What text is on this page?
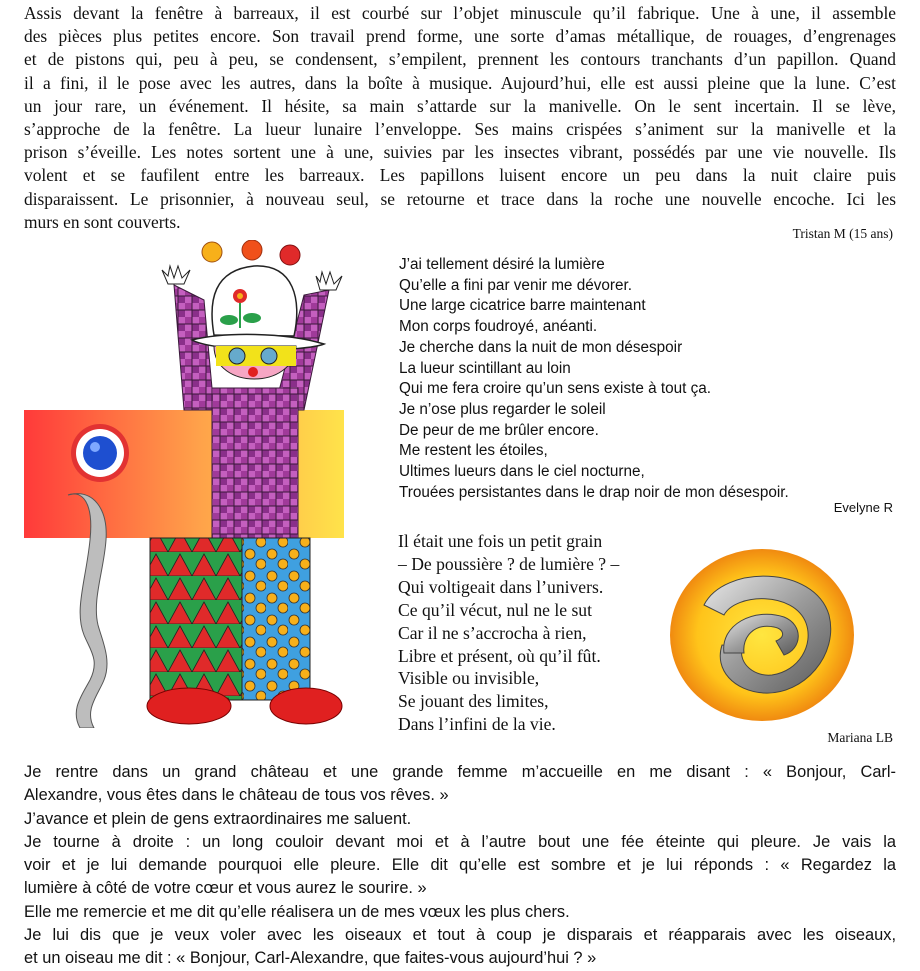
Assis devant la fenêtre à barreaux, il est courbé sur l’objet minuscule qu’il fabrique. Une à une, il assemble
des pièces plus petites encore. Son travail prend forme, une sorte d’amas métallique, de rouages, d’engrenages
et de pistons qui, peu à peu, se condensent, s’empilent, prennent les contours tranchants d’un papillon. Quand
il a fini, il le pose avec les autres, dans la boîte à musique. Aujourd’hui, elle est aussi pleine que la lune. C’est
un jour rare, un événement. Il hésite, sa main s’attarde sur la manivelle. On le sent incertain. Il se lève,
s’approche de la fenêtre. La lueur lunaire l’enveloppe. Ses mains crispées s’animent sur la manivelle et la
prison s’éveille. Les notes sortent une à une, suivies par les insectes vibrant, possédés par une vie nouvelle. Ils
volent et se faufilent entre les barreaux. Les papillons luisent encore un peu dans la nuit claire puis
disparaissent. Le prisonnier, à nouveau seul, se retourne et trace dans la roche une nouvelle encoche. Ici les
murs en sont couverts.
Tristan M (15 ans)
J’ai tellement désiré la lumière
Qu’elle a fini par venir me dévorer.
Une large cicatrice barre maintenant
Mon corps foudroyé, anéanti.
Je cherche dans la nuit de mon désespoir
La lueur scintillant au loin
Qui me fera croire qu’un sens existe à tout ça.
Je n’ose plus regarder le soleil
De peur de me brûler encore.
Me restent les étoiles,
Ultimes lueurs dans le ciel nocturne,
Trouées persistantes dans le drap noir de mon désespoir.
Evelyne R
Il était une fois un petit grain
– De poussière ? de lumière ? –
Qui voltigeait dans l’univers.
Ce qu’il vécut, nul ne le sut
Car il ne s’accrocha à rien,
Libre et présent, où qu’il fût.
Visible ou invisible,
Se jouant des limites,
Dans l’infini de la vie.
Mariana LB

Je rentre dans un grand château et une grande femme m’accueille en me disant : « Bonjour, Carl-
Alexandre, vous êtes dans le château de tous vos rêves. »

J’avance et plein de gens extraordinaires me saluent.

Je tourne à droite : un long couloir devant moi et à l’autre bout une fée éteinte qui pleure. Je vais la
voir et je lui demande pourquoi elle pleure. Elle dit qu’elle est sombre et je lui réponds : « Regardez la
lumière à côté de votre cœur et vous aurez le sourire. »

Elle me remercie et me dit qu’elle réalisera un de mes vœux les plus chers.

Je lui dis que je veux voler avec les oiseaux et tout à coup je disparais et réapparais avec les oiseaux,
et un oiseau me dit : « Bonjour, Carl-Alexandre, que faites-vous aujourd’hui ? »
